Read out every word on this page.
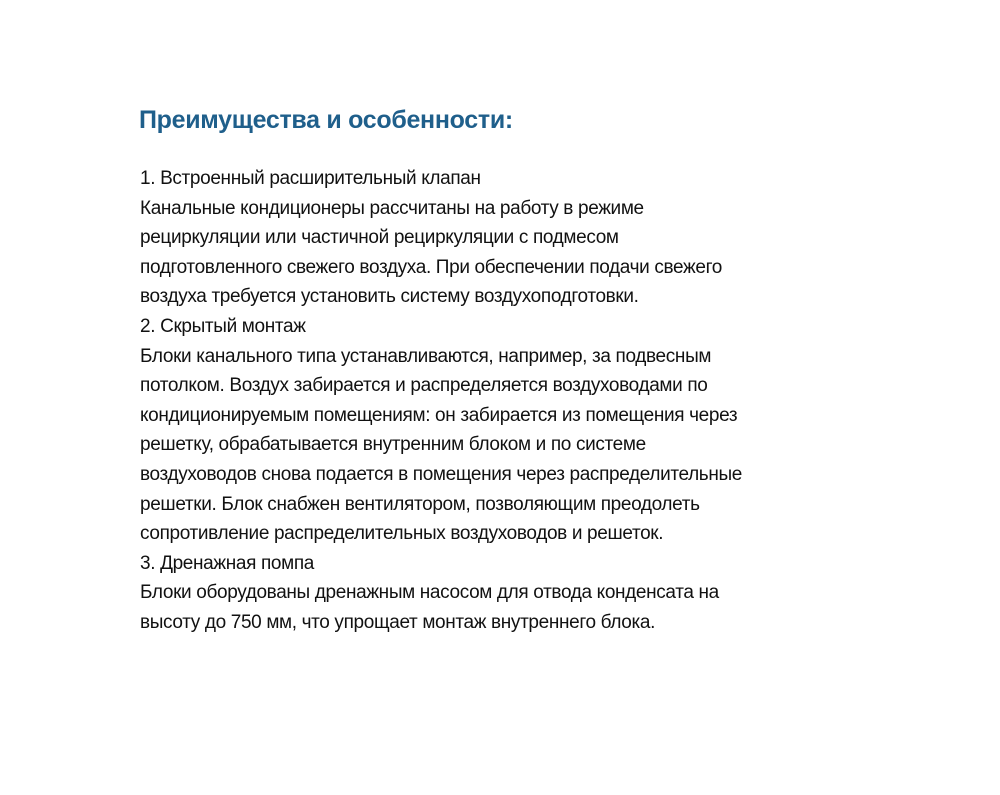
Преимущества и особенности:
1. Встроенный расширительный клапан
Канальные кондиционеры рассчитаны на работу в режиме
рециркуляции или частичной рециркуляции с подмесом
подготовленного свежего воздуха. При обеспечении подачи свежего
воздуха требуется установить систему воздухоподготовки.
2. Скрытый монтаж
Блоки канального типа устанавливаются, например, за подвесным
потолком. Воздух забирается и распределяется воздуховодами по
кондиционируемым помещениям: он забирается из помещения через
решетку, обрабатывается внутренним блоком и по системе
воздуховодов снова подается в помещения через распределительные
решетки. Блок снабжен вентилятором, позволяющим преодолеть
сопротивление распределительных воздуховодов и решеток.
3. Дренажная помпа
Блоки оборудованы дренажным насосом для отвода конденсата на
высоту до 750 мм, что упрощает монтаж внутреннего блока.
